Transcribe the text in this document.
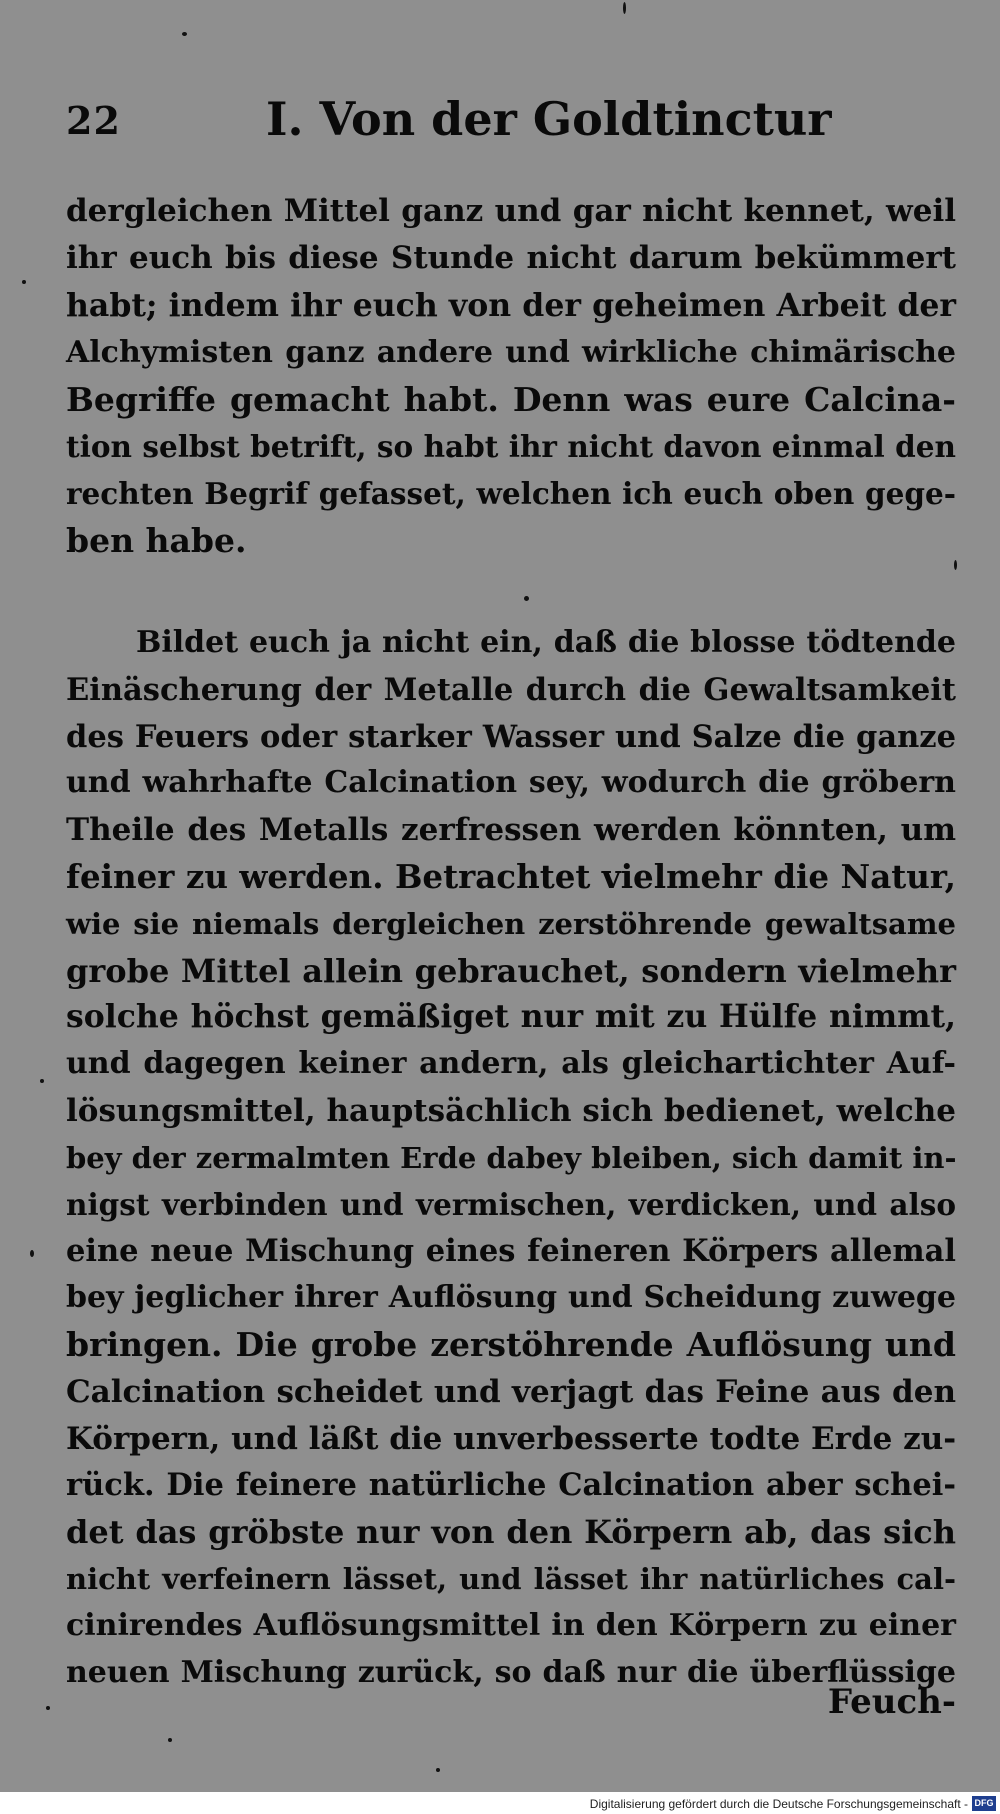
22	I. Von der Goldtinctur
dergleichen Mittel ganz und gar nicht kennet, weil
ihr euch bis diese Stunde nicht darum bekümmert
habt; indem ihr euch von der geheimen Arbeit der
Alchymisten ganz andere und wirkliche chimärische
Begriffe gemacht habt. Denn was eure Calcina-
tion selbst betrift, so habt ihr nicht davon einmal den
rechten Begrif gefasset, welchen ich euch oben gege-
ben habe.
Bildet euch ja nicht ein, daß die blosse tödtende
Einäscherung der Metalle durch die Gewaltsamkeit
des Feuers oder starker Wasser und Salze die ganze
und wahrhafte Calcination sey, wodurch die gröbern
Theile des Metalls zerfressen werden könnten, um
feiner zu werden. Betrachtet vielmehr die Natur,
wie sie niemals dergleichen zerstöhrende gewaltsame
grobe Mittel allein gebrauchet, sondern vielmehr
solche höchst gemäßiget nur mit zu Hülfe nimmt,
und dagegen keiner andern, als gleichartichter Auf-
lösungsmittel, hauptsächlich sich bedienet, welche
bey der zermalmten Erde dabey bleiben, sich damit in-
nigst verbinden und vermischen, verdicken, und also
eine neue Mischung eines feineren Körpers allemal
bey jeglicher ihrer Auflösung und Scheidung zuwege
bringen. Die grobe zerstöhrende Auflösung und
Calcination scheidet und verjagt das Feine aus den
Körpern, und läßt die unverbesserte todte Erde zu-
rück. Die feinere natürliche Calcination aber schei-
det das gröbste nur von den Körpern ab, das sich
nicht verfeinern lässet, und lässet ihr natürliches cal-
cinirendes Auflösungsmittel in den Körpern zu einer
neuen Mischung zurück, so daß nur die überflüssige
Feuch-
Digitalisierung gefördert durch die Deutsche Forschungsgemeinschaft - DFG
